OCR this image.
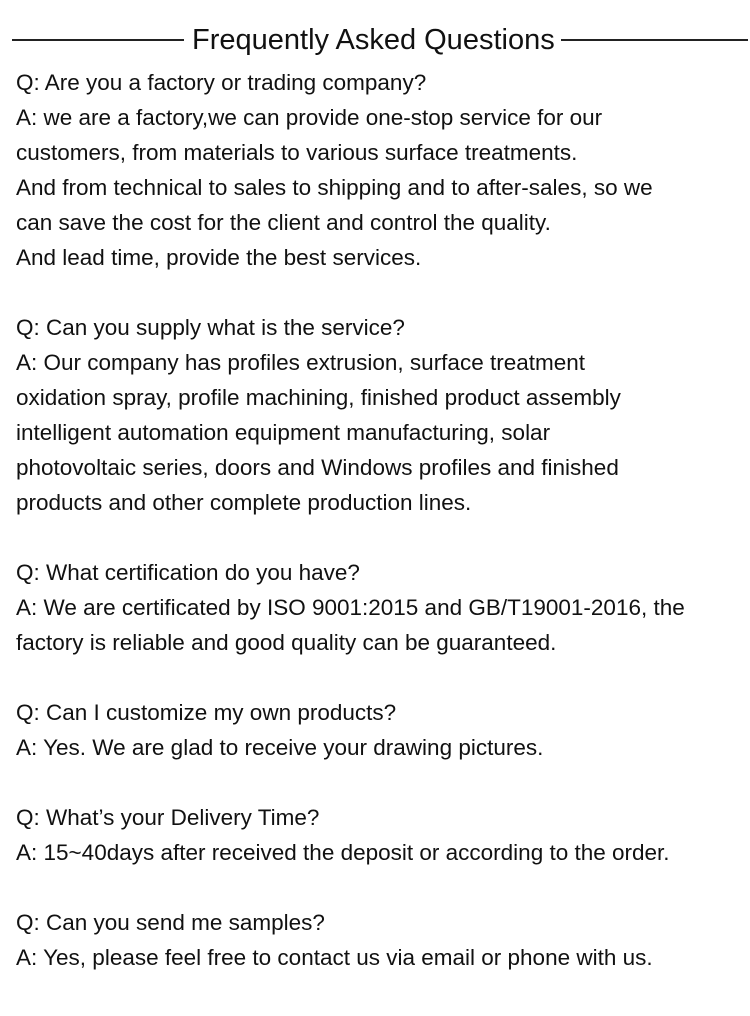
Frequently Asked Questions

Q: Are you a factory or trading company?

A: we are a factory,we can provide one-stop service for our

customers, from materials to various surface treatments.

And from technical to sales to shipping and to after-sales, so we

can save the cost for the client and control the quality.

And lead time, provide the best services.

Q: Can you supply what is the service?

A: Our company has profiles extrusion, surface treatment

oxidation spray, profile machining, finished product assembly

intelligent automation equipment manufacturing, solar

photovoltaic series, doors and Windows profiles and finished

products and other complete production lines.

Q: What certification do you have?

A: We are certificated by ISO 9001:2015 and GB/T19001-2016, the

factory is reliable and good quality can be guaranteed.

Q: Can I customize my own products?

A: Yes. We are glad to receive your drawing pictures.

Q: What’s your Delivery Time?

A: 15~40days after received the deposit or according to the order.

Q: Can you send me samples?

A: Yes, please feel free to contact us via email or phone with us.
